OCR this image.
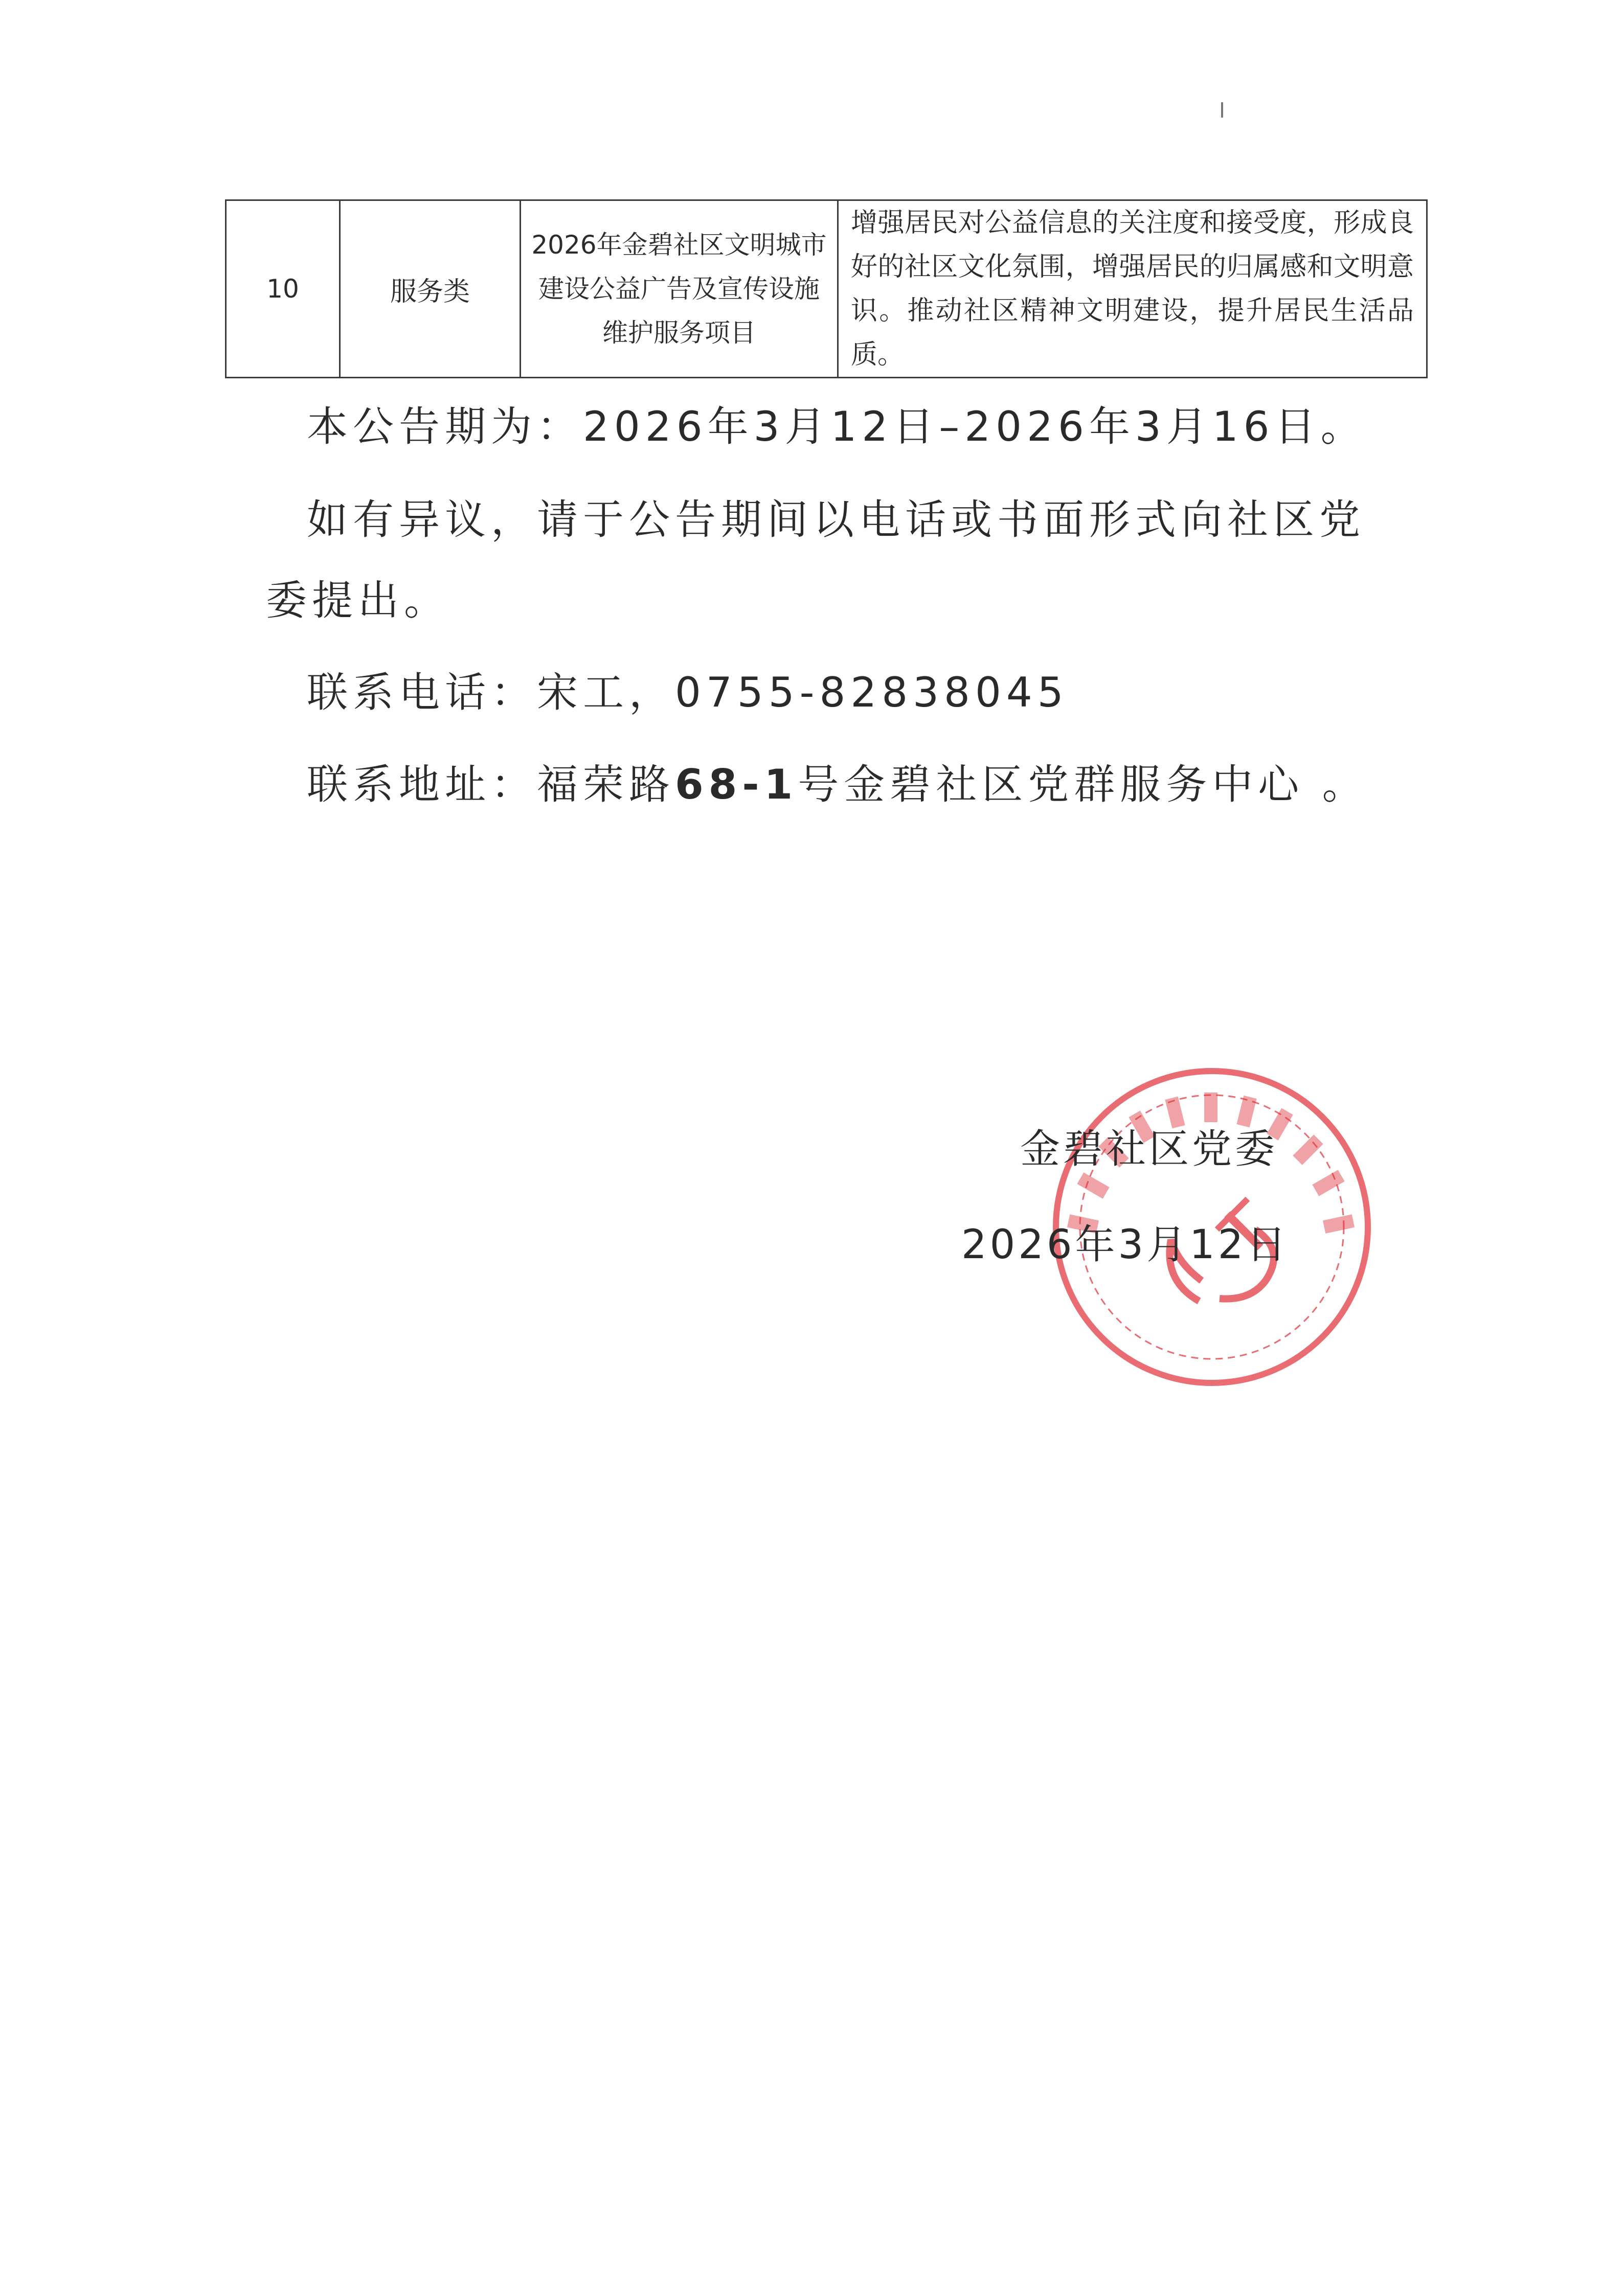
10	服务类	2026年金碧社区文明城市建设公益广告及宣传设施维护服务项目	增强居民对公益信息的关注度和接受度，形成良好的社区文化氛围，增强居民的归属感和文明意识。推动社区精神文明建设，提升居民生活品质。
本公告期为：2026年3月12日–2026年3月16日。
如有异议，请于公告期间以电话或书面形式向社区党
委提出。
联系电话：宋工，0755-82838045
联系地址：福荣路68-1号金碧社区党群服务中心 。
金碧社区党委
2026年3月12日
